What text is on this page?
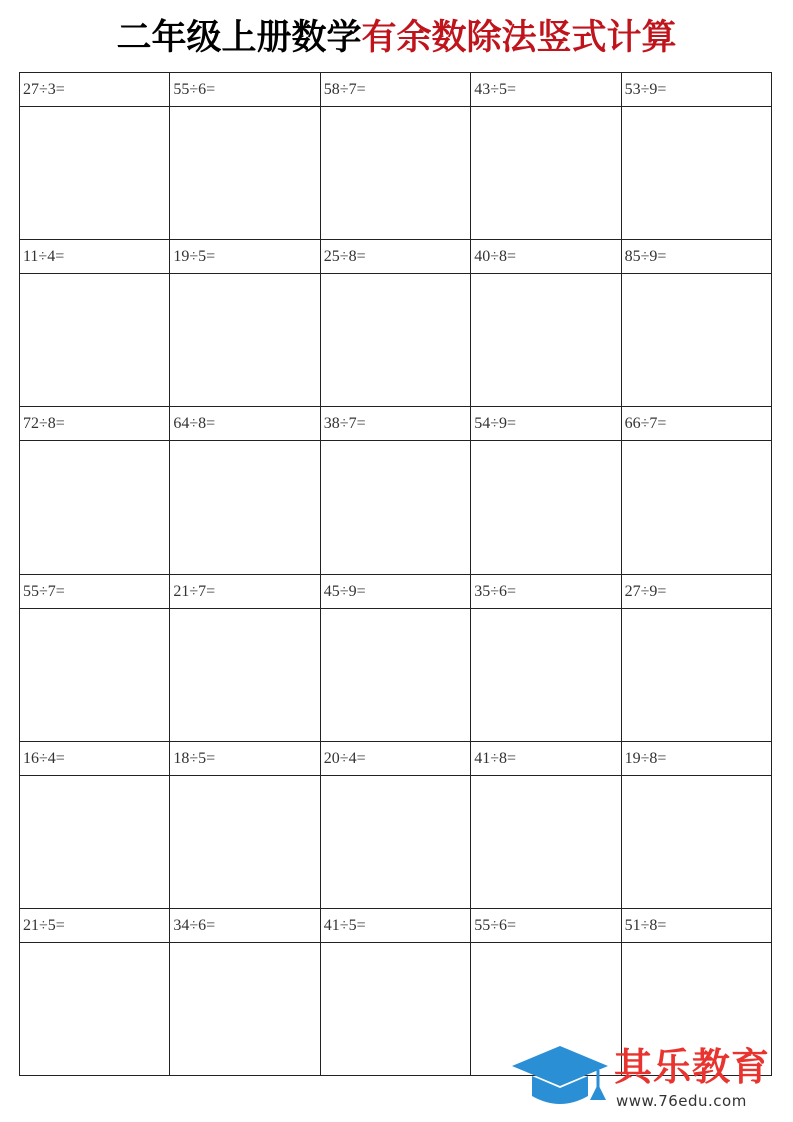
二年级上册数学有余数除法竖式计算
27÷3=	55÷6=	58÷7=	43÷5=	53÷9=
11÷4=	19÷5=	25÷8=	40÷8=	85÷9=
72÷8=	64÷8=	38÷7=	54÷9=	66÷7=
55÷7=	21÷7=	45÷9=	35÷6=	27÷9=
16÷4=	18÷5=	20÷4=	41÷8=	19÷8=
21÷5=	34÷6=	41÷5=	55÷6=	51÷8=
其乐教育
www.76edu.com
